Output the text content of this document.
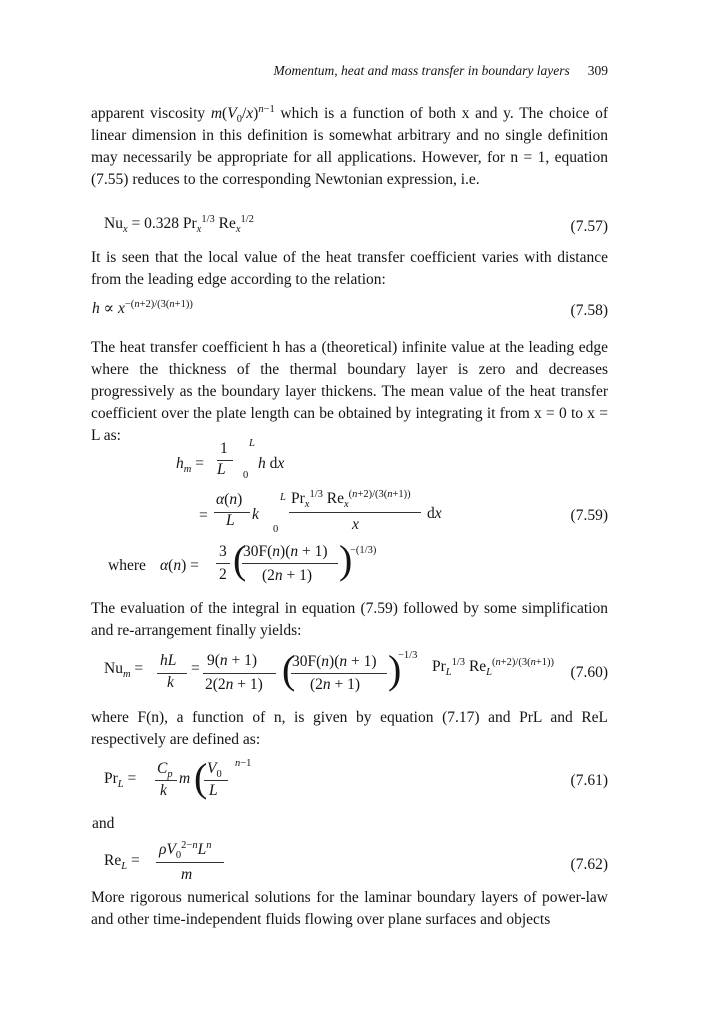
Momentum, heat and mass transfer in boundary layers 309
apparent viscosity $m(V_0/x)^{n-1}$ which is a function of both x and y. The choice of linear dimension in this definition is somewhat arbitrary and no single definition may necessarily be appropriate for all applications. However, for n = 1, equation (7.55) reduces to the corresponding Newtonian expression, i.e.
$Nu_x = 0.328$ $Pr_x^{1/3}$ $Re_x^{1/2}$	(7.57)
It is seen that the local value of the heat transfer coefficient varies with distance from the leading edge according to the relation:
$h \propto x^{-(n+2)/(3(n+1))}$	(7.58)
The heat transfer coefficient h has a (theoretical) infinite value at the leading edge where the thickness of the thermal boundary layer is zero and decreases progressively as the boundary layer thickens. The mean value of the heat transfer coefficient over the plate length can be obtained by integrating it from x = 0 to x = L as:
$h_m$ =
1
L
L
0
h dx
=
α(n)
L k
L
0
$Pr_x^{1/3}$ $Re_x^{(n+2)/(3(n+1))}$
x
dx	(7.59)
where α(n) =
3
2 (
30F(n)(n + 1)
(2n + 1) )
−(1/3)
The evaluation of the integral in equation (7.59) followed by some simplification and re-arrangement finally yields:
$Nu_m$ = hL
k
= 9(n + 1)
2(2n + 1) (
30F(n)(n + 1)
(2n + 1) )
−1/3
$Pr_L^{1/3}$ $Re_L^{(n+2)/(3(n+1))}$
(7.60)
where F(n), a function of n, is given by equation (7.17) and PrL and ReL respectively are defined as:
$Pr_L$ =
$C_p$
k
m ( $V_0$
L
n−1
(7.61)
and
$Re_L$ =
$\rho V_0^{2-n}L^n$
m
(7.62)
More rigorous numerical solutions for the laminar boundary layers of power-law and other time-independent fluids flowing over plane surfaces and objects
